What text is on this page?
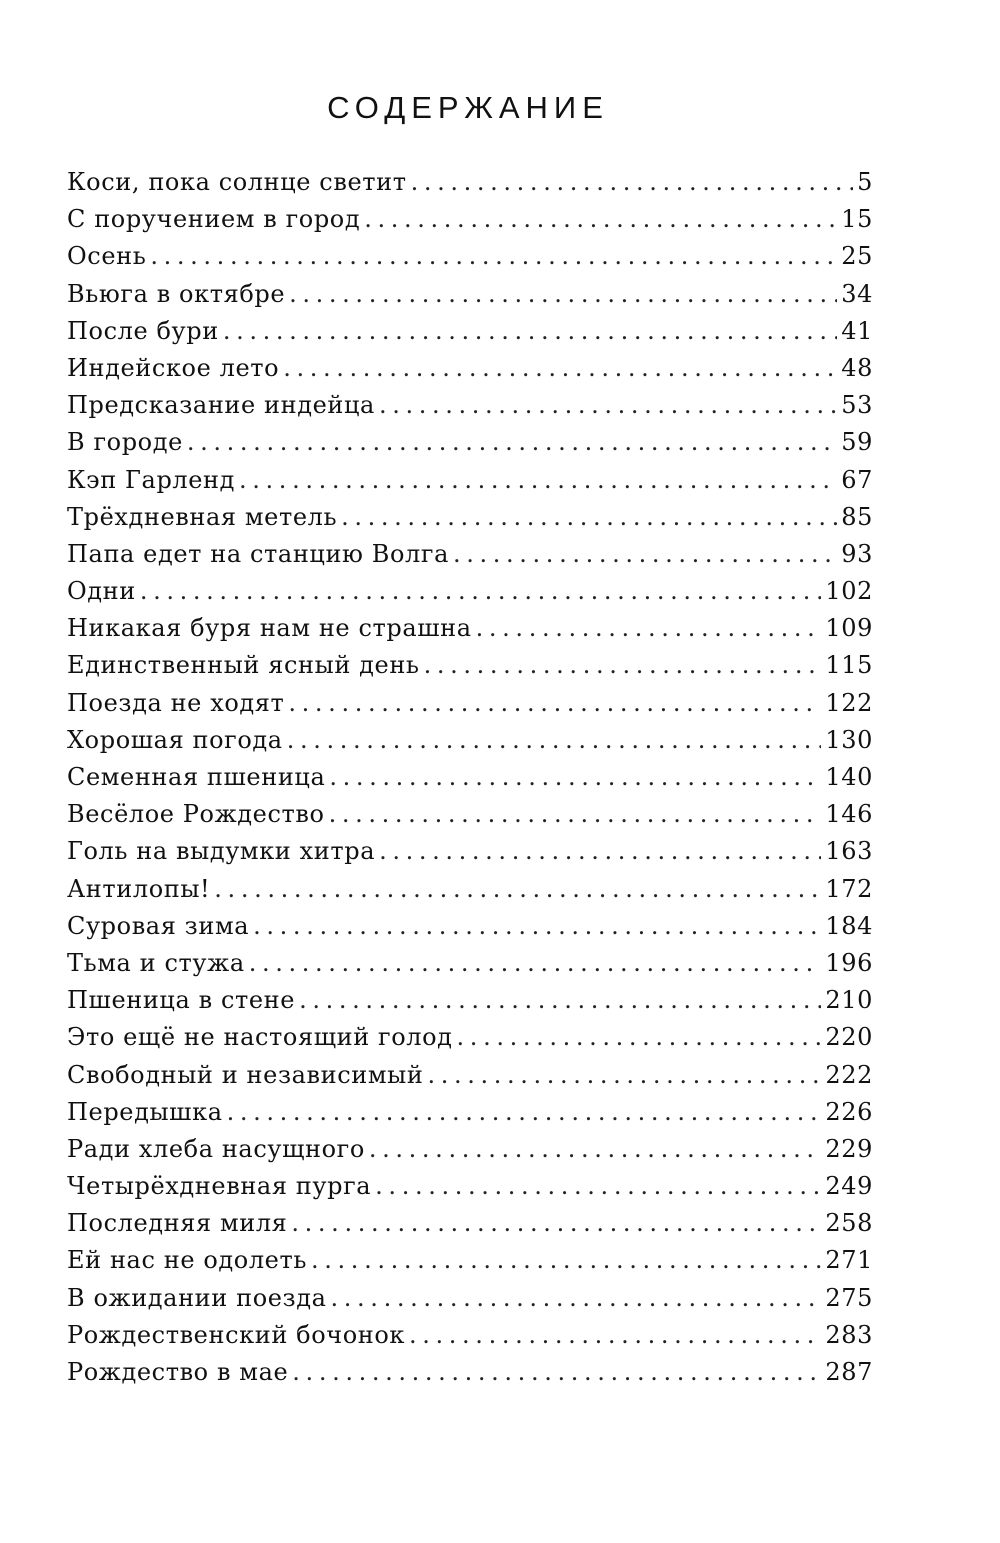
СОДЕРЖАНИЕ
Коси, пока солнце светит . . .	5
С поручением в город . . .	15
Осень . . .	25
Вьюга в октябре . . .	34
После бури . . .	41
Индейское лето . . .	48
Предсказание индейца . . .	53
В городе . . .	59
Кэп Гарленд . . .	67
Трёхдневная метель . . .	85
Папа едет на станцию Волга . . .	93
Одни . . .	102
Никакая буря нам не страшна . . .	109
Единственный ясный день . . .	115
Поезда не ходят . . .	122
Хорошая погода . . .	130
Семенная пшеница . . .	140
Весёлое Рождество . . .	146
Голь на выдумки хитра . . .	163
Антилопы! . . .	172
Суровая зима . . .	184
Тьма и стужа . . .	196
Пшеница в стене . . .	210
Это ещё не настоящий голод . . .	220
Свободный и независимый . . .	222
Передышка . . .	226
Ради хлеба насущного . . .	229
Четырёхдневная пурга . . .	249
Последняя миля . . .	258
Ей нас не одолеть . . .	271
В ожидании поезда . . .	275
Рождественский бочонок . . .	283
Рождество в мае . . .	287
